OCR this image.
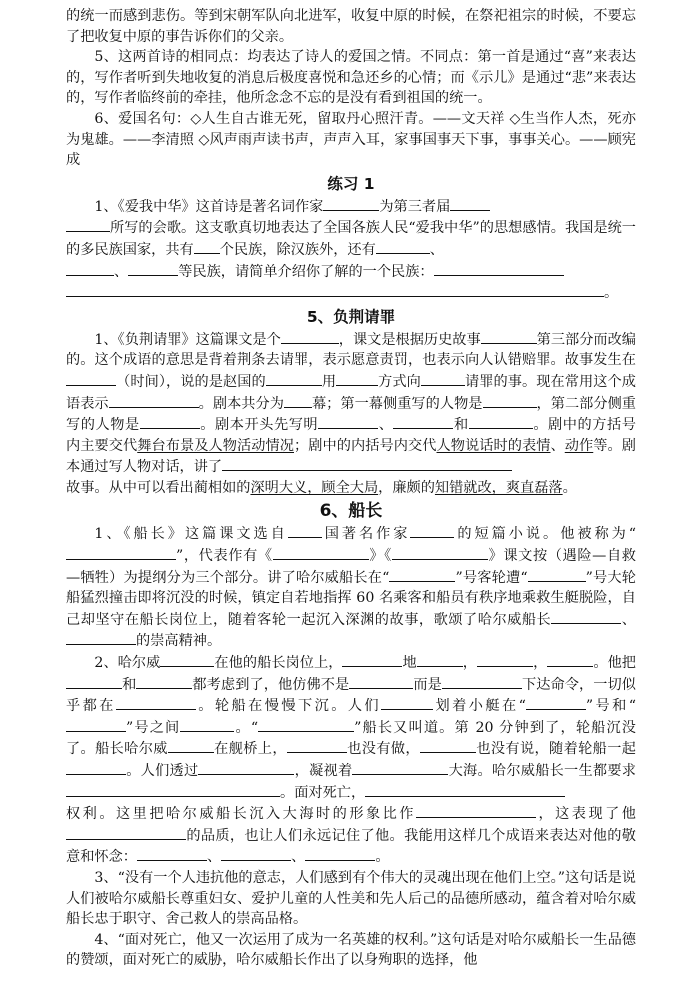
的统一而感到悲伤。等到宋朝军队向北进军，收复中原的时候，在祭祀祖宗的时候，不要忘了把收复中原的事告诉你们的父亲。

5、这两首诗的相同点：均表达了诗人的爱国之情。不同点：第一首是通过“喜”来表达的，写作者听到失地收复的消息后极度喜悦和急还乡的心情；而《示儿》是通过“悲”来表达的，写作者临终前的牵挂，他所念念不忘的是没有看到祖国的统一。

6、爱国名句：◇人生自古谁无死，留取丹心照汗青。——文天祥 ◇生当作人杰，死亦为鬼雄。——李清照 ◇风声雨声读书声，声声入耳，家事国事天下事，事事关心。——顾宪成

练习 1

1、《爱我中华》这首诗是著名词作家	为第三者届
所写的会歌。这支歌真切地表达了全国各族人民“爱我中华”的思想感情。我国是统一的多民族国家，共有 个民族，除汉族外，还有	、
、	等民族，请简单介绍你了解的一个民族：
。

5、负荆请罪

1、《负荆请罪》这篇课文是个	，课文是根据历史故事	第三部分而改编的。这个成语的意思是背着荆条去请罪，表示愿意责罚，也表示向人认错赔罪。故事发生在（时间），说的是赵国的	用	方式向	请罪的事。现在常用这个成语表示	。剧本共分为 幕；第一幕侧重写的人物是	，第二部分侧重写的人物是	。剧本开头先写明	、	和	。剧中的方括号内主要交代舞台布景及人物活动情况；剧中的内括号内交代人物说话时的表情、动作等。剧本通过写人物对话，讲了
故事。从中可以看出蔺相如的深明大义，顾全大局，廉颇的知错就改，爽直磊落。

6、船长

1、《船长》这篇课文选自 国著名作家	的短篇小说。他被称为“”，代表作有《	》《	》课文按（遇险—自救—牺牲）为提纲分为三个部分。讲了哈尔威船长在“	”号客轮遭“	”号大轮船猛烈撞击即将沉没的时候，镇定自若地指挥 60 名乘客和船员有秩序地乘救生艇脱险，自己却坚守在船长岗位上，随着客轮一起沉入深渊的故事，歌颂了哈尔威船长	、的崇高精神。

2、哈尔威	在他的船长岗位上，	地	，	，	。他把和	都考虑到了，他仿佛不是	而是	下达命令，一切似乎都在	。轮船在慢慢下沉。人们	划着小艇在“	”号和“”号之间	。“	”船长又叫道。第 20 分钟到了，轮船沉没了。船长哈尔威	在舰桥上，	也没有做，	也没有说，随着轮船一起。人们透过	，凝视着	大海。哈尔威船长一生都要求。面对死亡，
权利。这里把哈尔威船长沉入大海时的形象比作	，这表现了他的品质，也让人们永远记住了他。我能用这样几个成语来表达对他的敬意和怀念：	、	、	。

3、“没有一个人违抗他的意志，人们感到有个伟大的灵魂出现在他们上空。”这句话是说人们被哈尔威船长尊重妇女、爱护儿童的人性美和先人后己的品德所感动，蕴含着对哈尔威船长忠于职守、舍己救人的崇高品格。

4、“面对死亡，他又一次运用了成为一名英雄的权利。”这句话是对哈尔威船长一生品德的赞颂，面对死亡的威胁，哈尔威船长作出了以身殉职的选择，他
